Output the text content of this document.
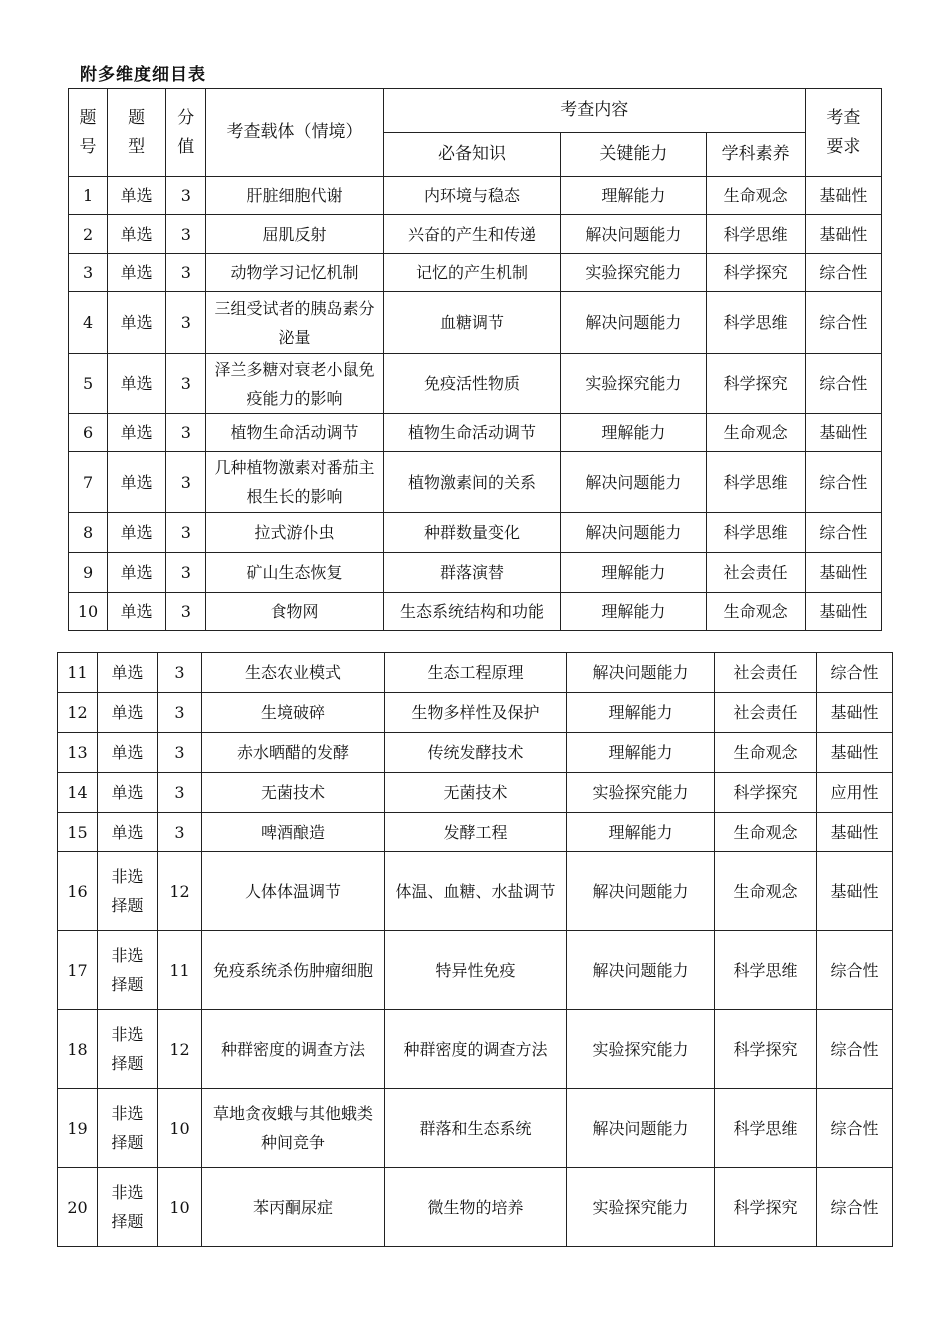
附多维度细目表
题号	题型	分值	考查载体（情境）	考查内容			考查要求
				必备知识	关键能力	学科素养	
1	单选	3	肝脏细胞代谢	内环境与稳态	理解能力	生命观念	基础性
2	单选	3	屈肌反射	兴奋的产生和传递	解决问题能力	科学思维	基础性
3	单选	3	动物学习记忆机制	记忆的产生机制	实验探究能力	科学探究	综合性
4	单选	3	三组受试者的胰岛素分泌量	血糖调节	解决问题能力	科学思维	综合性
5	单选	3	泽兰多糖对衰老小鼠免疫能力的影响	免疫活性物质	实验探究能力	科学探究	综合性
6	单选	3	植物生命活动调节	植物生命活动调节	理解能力	生命观念	基础性
7	单选	3	几种植物激素对番茄主根生长的影响	植物激素间的关系	解决问题能力	科学思维	综合性
8	单选	3	拉式游仆虫	种群数量变化	解决问题能力	科学思维	综合性
9	单选	3	矿山生态恢复	群落演替	理解能力	社会责任	基础性
10	单选	3	食物网	生态系统结构和功能	理解能力	生命观念	基础性
11	单选	3	生态农业模式	生态工程原理	解决问题能力	社会责任	综合性
12	单选	3	生境破碎	生物多样性及保护	理解能力	社会责任	基础性
13	单选	3	赤水晒醋的发酵	传统发酵技术	理解能力	生命观念	基础性
14	单选	3	无菌技术	无菌技术	实验探究能力	科学探究	应用性
15	单选	3	啤酒酿造	发酵工程	理解能力	生命观念	基础性
16	非选择题	12	人体体温调节	体温、血糖、水盐调节	解决问题能力	生命观念	基础性
17	非选择题	11	免疫系统杀伤肿瘤细胞	特异性免疫	解决问题能力	科学思维	综合性
18	非选择题	12	种群密度的调查方法	种群密度的调查方法	实验探究能力	科学探究	综合性
19	非选择题	10	草地贪夜蛾与其他蛾类种间竞争	群落和生态系统	解决问题能力	科学思维	综合性
20	非选择题	10	苯丙酮尿症	微生物的培养	实验探究能力	科学探究	综合性
